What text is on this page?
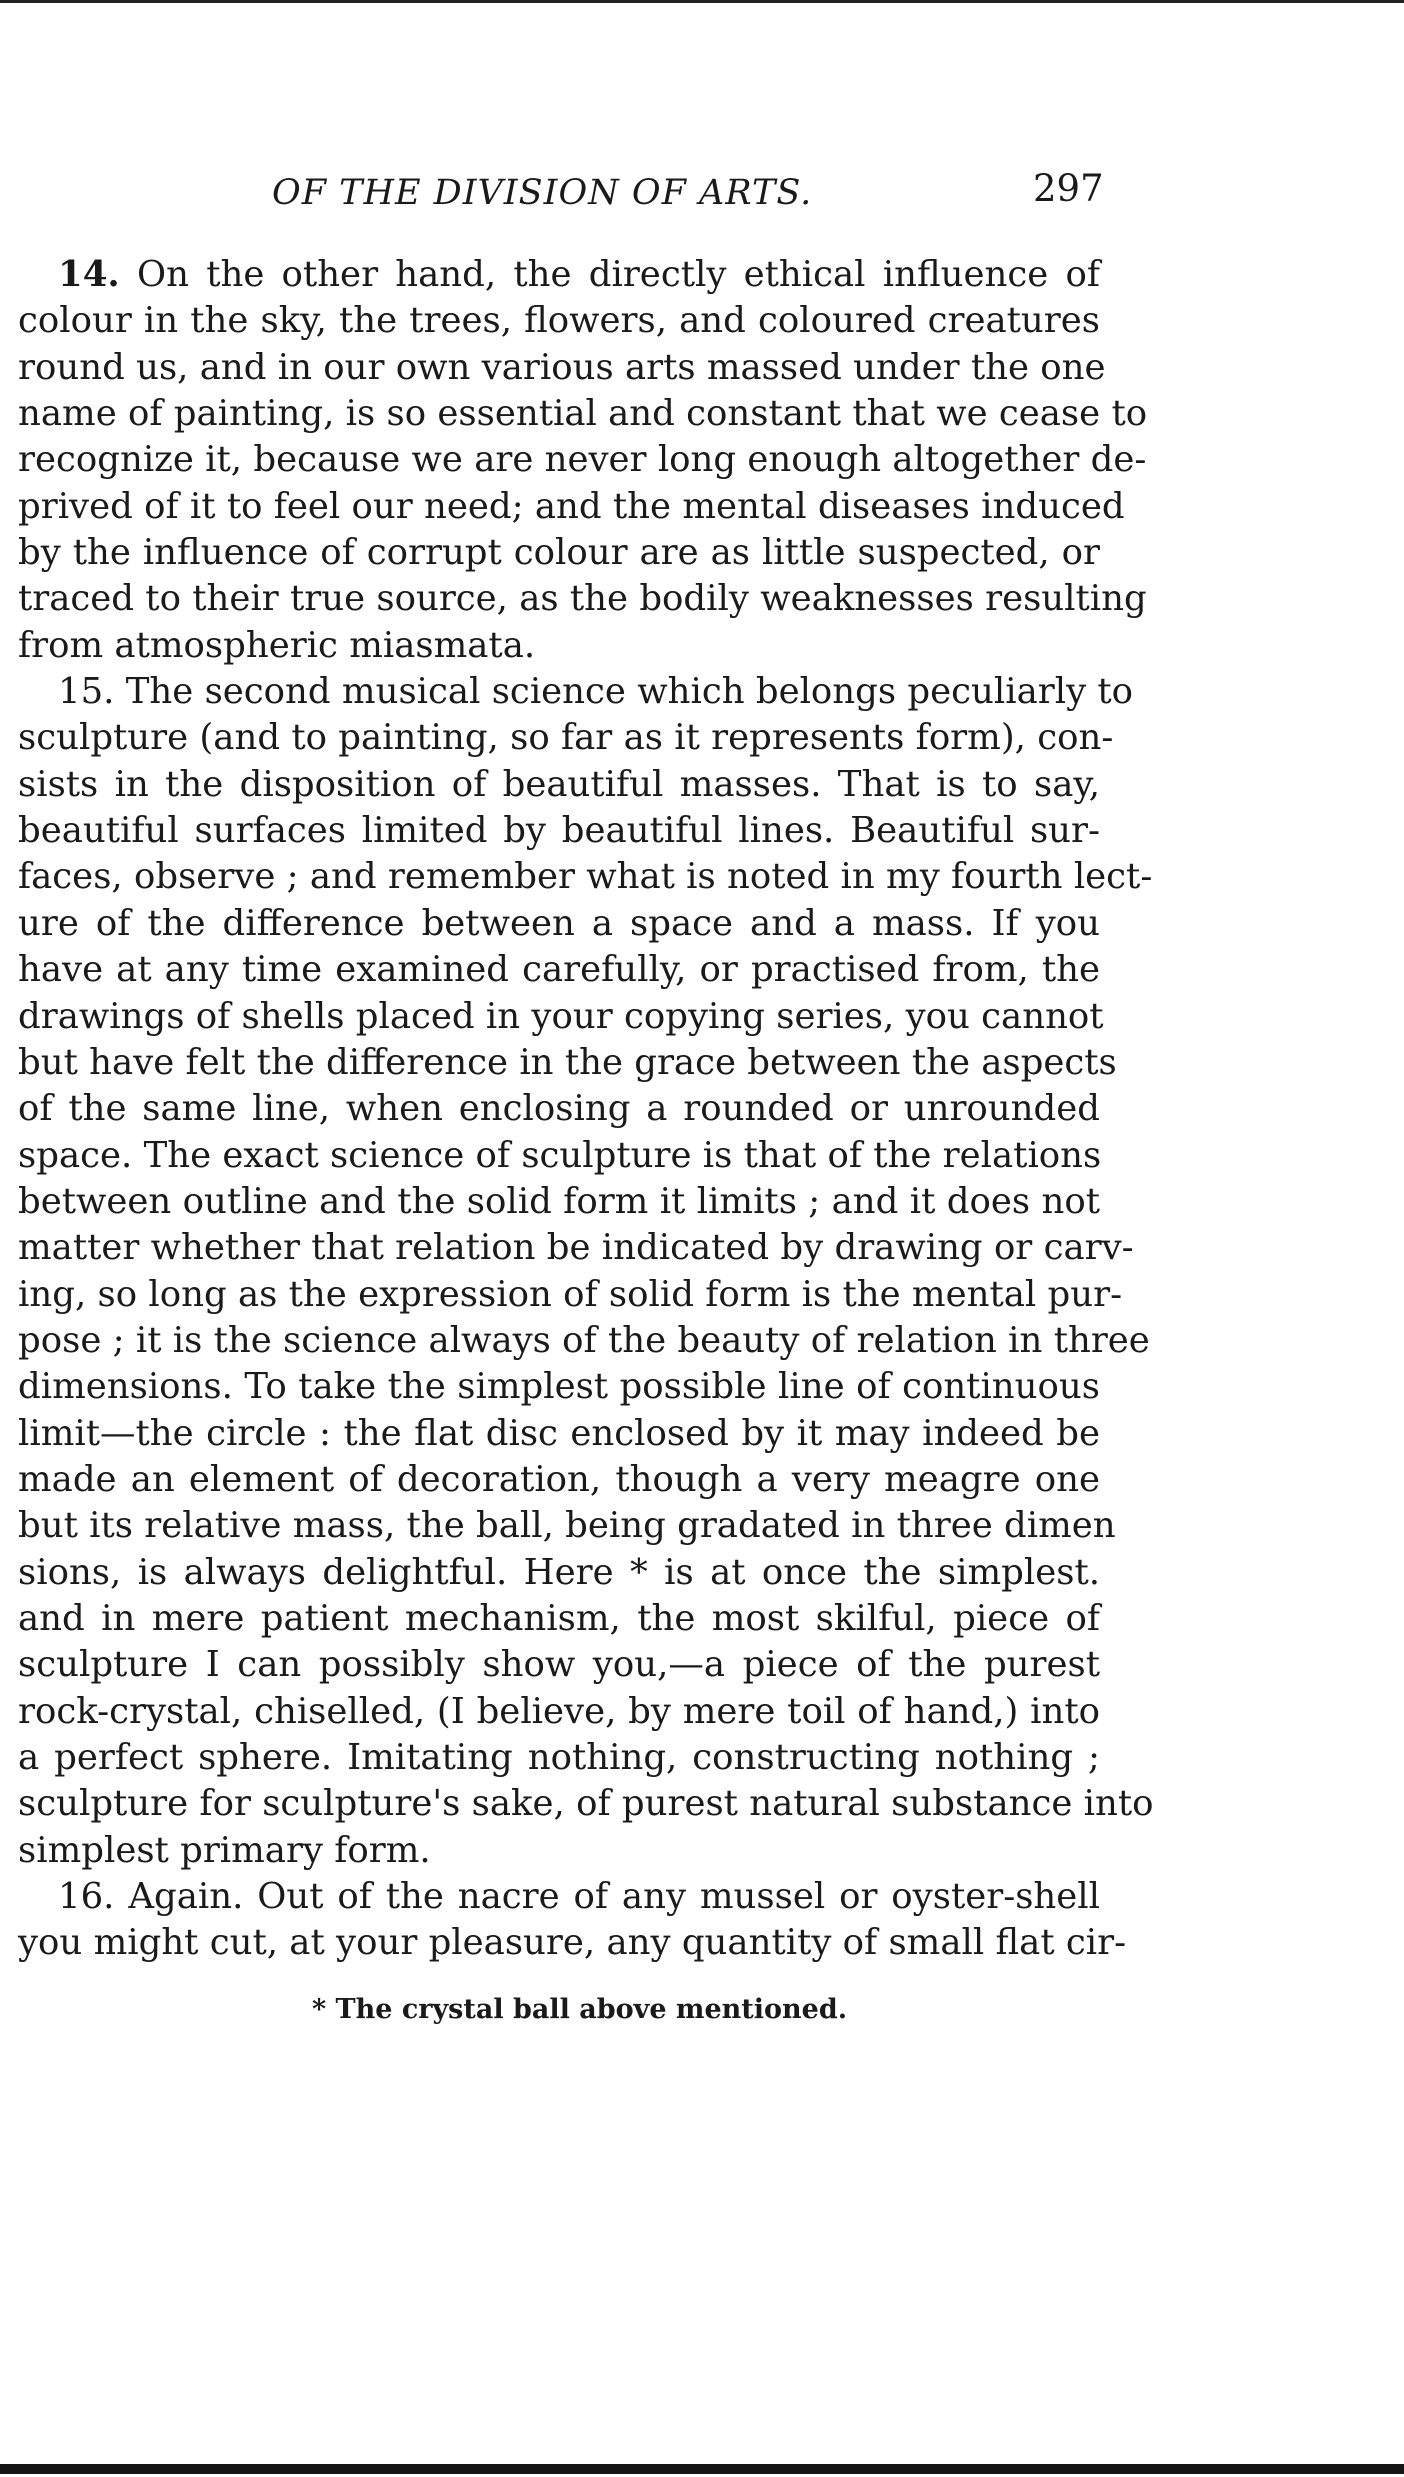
OF THE DIVISION OF ARTS.	297
14. On the other hand, the directly ethical influence of
colour in the sky, the trees, flowers, and coloured creatures
round us, and in our own various arts massed under the one
name of painting, is so essential and constant that we cease to
recognize it, because we are never long enough altogether de-
prived of it to feel our need; and the mental diseases induced
by the influence of corrupt colour are as little suspected, or
traced to their true source, as the bodily weaknesses resulting
from atmospheric miasmata.
15. The second musical science which belongs peculiarly to
sculpture (and to painting, so far as it represents form), con-
sists in the disposition of beautiful masses. That is to say,
beautiful surfaces limited by beautiful lines. Beautiful sur-
faces, observe ; and remember what is noted in my fourth lect-
ure of the difference between a space and a mass. If you
have at any time examined carefully, or practised from, the
drawings of shells placed in your copying series, you cannot
but have felt the difference in the grace between the aspects
of the same line, when enclosing a rounded or unrounded
space. The exact science of sculpture is that of the relations
between outline and the solid form it limits ; and it does not
matter whether that relation be indicated by drawing or carv-
ing, so long as the expression of solid form is the mental pur-
pose ; it is the science always of the beauty of relation in three
dimensions. To take the simplest possible line of continuous
limit—the circle : the flat disc enclosed by it may indeed be
made an element of decoration, though a very meagre one
but its relative mass, the ball, being gradated in three dimen
sions, is always delightful. Here * is at once the simplest.
and in mere patient mechanism, the most skilful, piece of
sculpture I can possibly show you,—a piece of the purest
rock-crystal, chiselled, (I believe, by mere toil of hand,) into
a perfect sphere. Imitating nothing, constructing nothing ;
sculpture for sculpture's sake, of purest natural substance into
simplest primary form.
16. Again. Out of the nacre of any mussel or oyster-shell
you might cut, at your pleasure, any quantity of small flat cir-
* The crystal ball above mentioned.
